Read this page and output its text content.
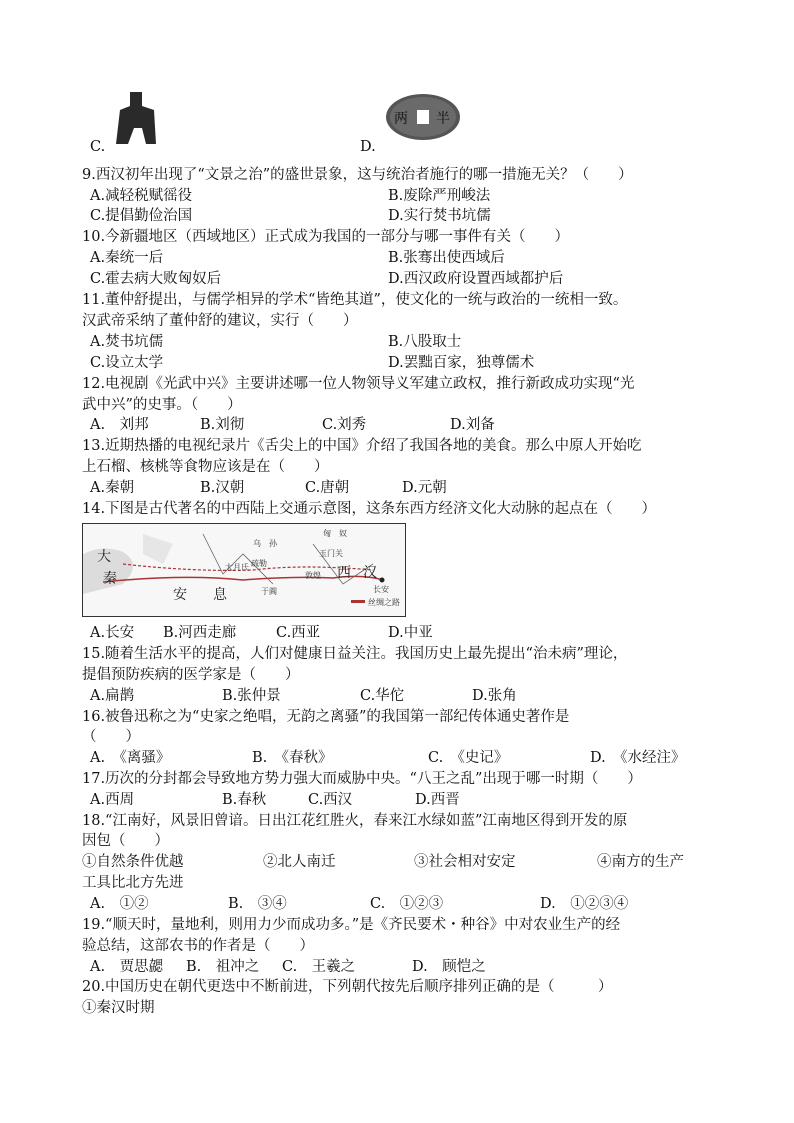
C.	D.
两 半
9.西汉初年出现了“文景之治”的盛世景象，这与统治者施行的哪一措施无关？（　　）
A.减轻税赋徭役	B.废除严刑峻法
C.提倡勤俭治国	D.实行焚书坑儒
10.今新疆地区（西域地区）正式成为我国的一部分与哪一事件有关（　　）
A.秦统一后	B.张骞出使西域后
C.霍去病大败匈奴后	D.西汉政府设置西域都护后
11.董仲舒提出，与儒学相异的学术“皆绝其道”，使文化的一统与政治的一统相一致。
汉武帝采纳了董仲舒的建议，实行（　　）
A.焚书坑儒	B.八股取士
C.设立太学	D.罢黜百家，独尊儒术
12.电视剧《光武中兴》主要讲述哪一位人物领导义军建立政权，推行新政成功实现“光
武中兴”的史事。（　　）
A.　刘邦	B.刘彻	C.刘秀	D.刘备
13.近期热播的电视纪录片《舌尖上的中国》介绍了我国各地的美食。那么中原人开始吃
上石榴、核桃等食物应该是在（　　）
A.秦朝	B.汉朝	C.唐朝	D.元朝
14.下图是古代著名的中西陆上交通示意图，这条东西方经济文化大动脉的起点在（　　）
匈　奴
大
秦
安 息
西 汉
长安
玉门关
敦煌
乌　孙
大月氏 疏勒
于阗
丝绸之路
A.长安 B.河西走廊	C.西亚	D.中亚
15.随着生活水平的提高，人们对健康日益关注。我国历史上最先提出“治未病”理论，
提倡预防疾病的医学家是（　　）
A.扁鹊	B.张仲景	C.华佗	D.张角
16.被鲁迅称之为“史家之绝唱，无韵之离骚”的我国第一部纪传体通史著作是
（　　）
A.　《离骚》	B.　《春秋》	C.　《史记》	D.　《水经注》
17.历次的分封都会导致地方势力强大而威胁中央。“八王之乱”出现于哪一时期（　　）
A.西周	B.春秋	C.西汉	D.西晋
18.“江南好，风景旧曾谙。日出江花红胜火，春来江水绿如蓝”江南地区得到开发的原
因包（　　）
①自然条件优越	②北人南迁	③社会相对安定	④南方的生产
工具比北方先进
A.　①②	B.　③④	C.　①②③	D.　①②③④
19.“顺天时，量地利，则用力少而成功多。”是《齐民要术・种谷》中对农业生产的经
验总结，这部农书的作者是（　　）
A.　贾思勰 B.　祖冲之 C.　王羲之	D.　顾恺之
20.中国历史在朝代更迭中不断前进，下列朝代按先后顺序排列正确的是（　　　）
①秦汉时期
